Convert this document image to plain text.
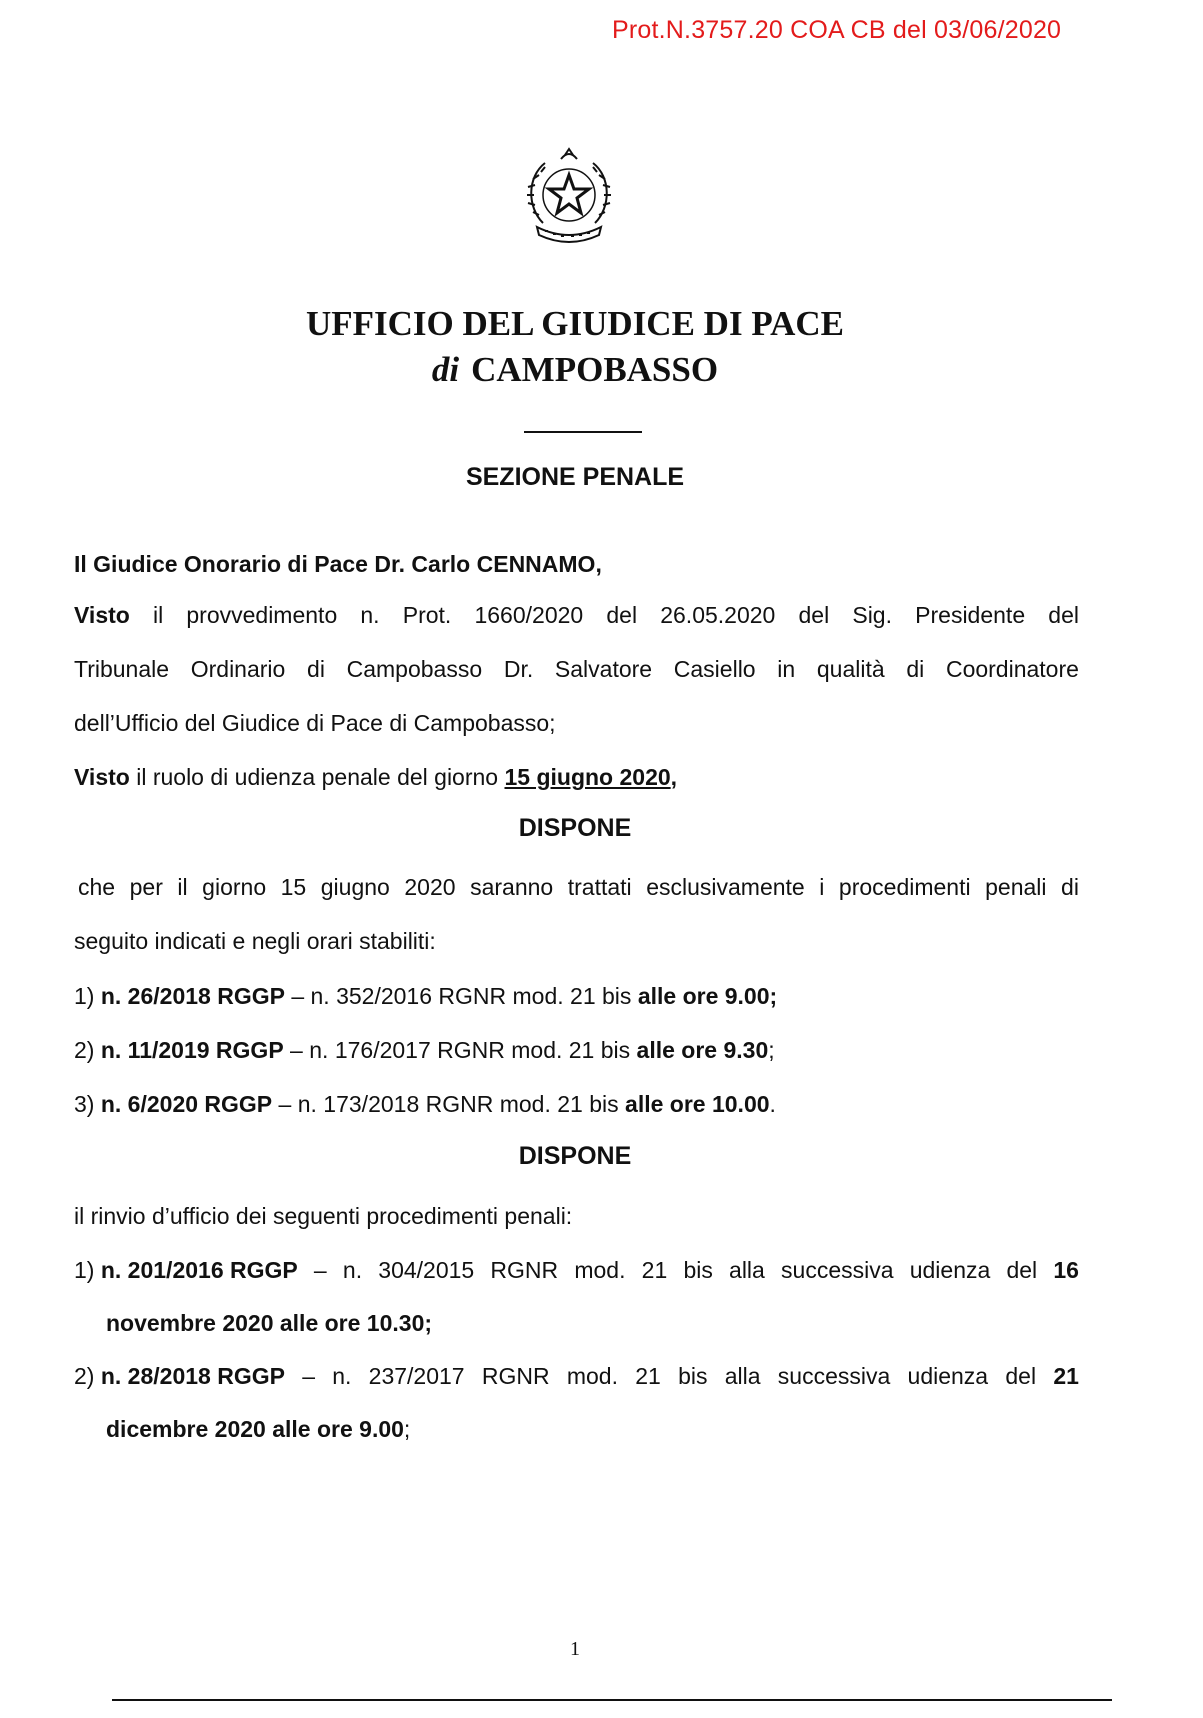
Prot.N.3757.20 COA CB del 03/06/2020
UFFICIO DEL GIUDICE DI PACE
di CAMPOBASSO
SEZIONE PENALE
Il Giudice Onorario di Pace Dr. Carlo CENNAMO,
Visto il provvedimento n. Prot. 1660/2020 del 26.05.2020 del Sig. Presidente del
Tribunale Ordinario di Campobasso Dr. Salvatore Casiello in qualità di Coordinatore
dell’Ufficio del Giudice di Pace di Campobasso;
Visto il ruolo di udienza penale del giorno 15 giugno 2020,
DISPONE
che per il giorno 15 giugno 2020 saranno trattati esclusivamente i procedimenti penali di
seguito indicati e negli orari stabiliti:
1) n. 26/2018 RGGP – n. 352/2016 RGNR mod. 21 bis alle ore 9.00;
2) n. 11/2019 RGGP – n. 176/2017 RGNR mod. 21 bis alle ore 9.30;
3) n. 6/2020 RGGP – n. 173/2018 RGNR mod. 21 bis alle ore 10.00.
DISPONE
il rinvio d’ufficio dei seguenti procedimenti penali:
1) n. 201/2016 RGGP – n. 304/2015 RGNR mod. 21 bis alla successiva udienza del 16
novembre 2020 alle ore 10.30;
2) n. 28/2018 RGGP – n. 237/2017 RGNR mod. 21 bis alla successiva udienza del 21
dicembre 2020 alle ore 9.00;
1
